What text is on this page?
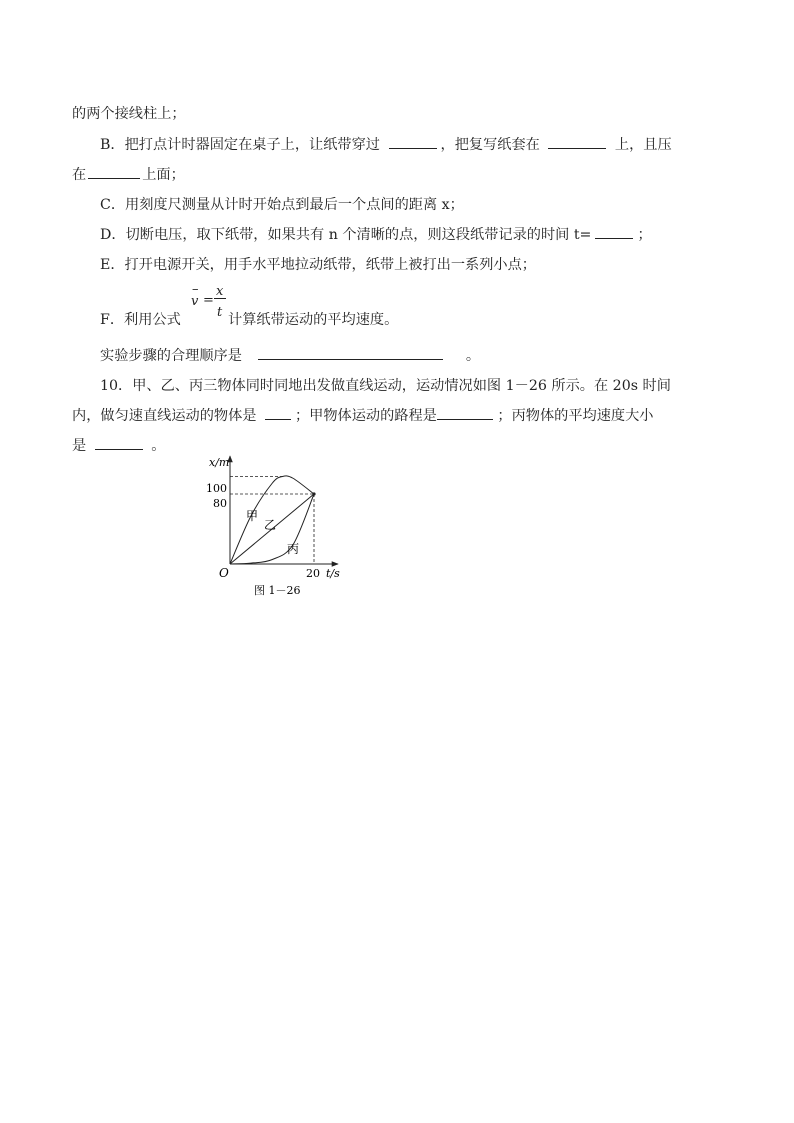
的两个接线柱上；
B．把打点计时器固定在桌子上，让纸带穿过	，把复写纸套在	上，且压
在	上面；
C．用刻度尺测量从计时开始点到最后一个点间的距离 x；
D．切断电压，取下纸带，如果共有 n 个清晰的点，则这段纸带记录的时间 t=	；
E．打开电源开关，用手水平地拉动纸带，纸带上被打出一系列小点；
–
v =
x
t
F．利用公式	计算纸带运动的平均速度。
实验步骤的合理顺序是	。
10．甲、乙、丙三物体同时同地出发做直线运动，运动情况如图 1－26 所示。在 20s 时间
内，做匀速直线运动的物体是	；甲物体运动的路程是	；丙物体的平均速度大小
是	。
x/m
t/s
O
100
80
20
甲
乙
丙
图 1－26
